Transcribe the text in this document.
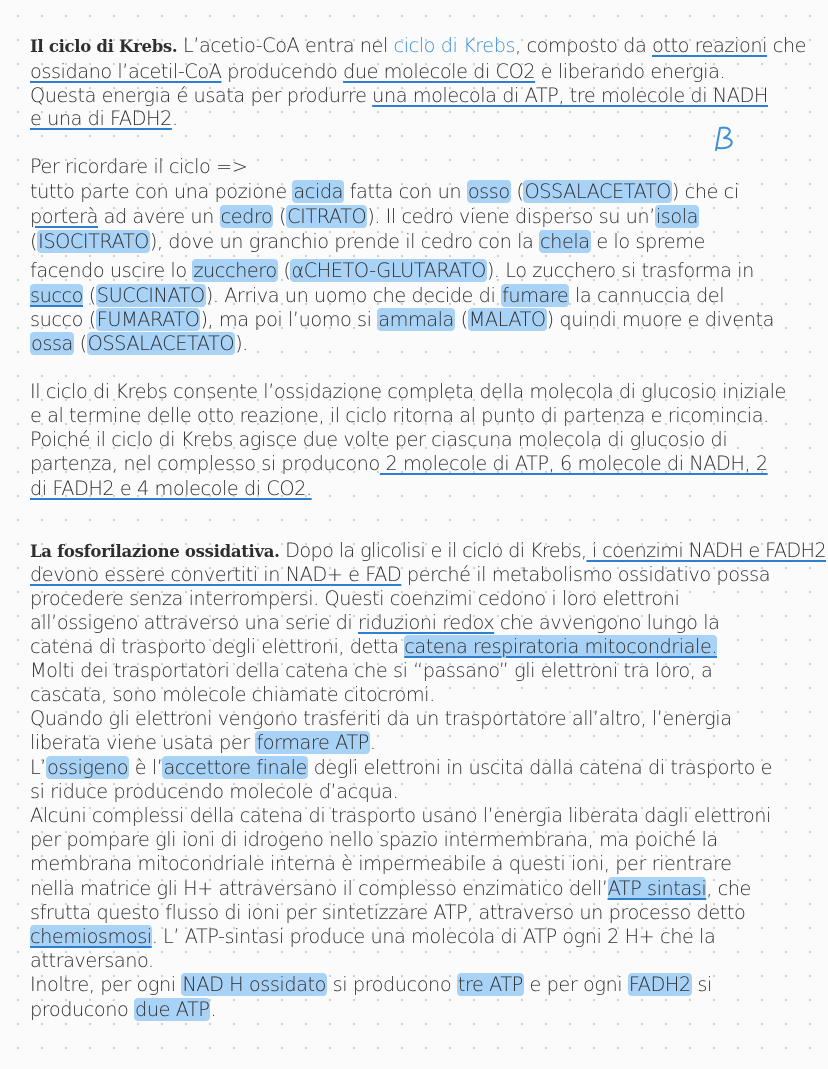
Il ciclo di Krebs. L’acetio-CoA entra nel ciclo di Krebs, composto da otto reazioni che
ossidano l’acetil-CoA producendo due molecole di CO2 e liberando energia.
Questa energia é usata per produrre una molecola di ATP, tre molecole di NADH
e una di FADH2.
Per ricordare il ciclo =>
tutto parte con una pozione acida fatta con un osso (OSSALACETATO) che ci
porterà ad avere un cedro (CITRATO). Il cedro viene disperso su un’isola
(ISOCITRATO), dove un granchio prende il cedro con la chela e lo spreme
facendo uscire lo zucchero (αCHETO-GLUTARATO). Lo zucchero si trasforma in
succo (SUCCINATO). Arriva un uomo che decide di fumare la cannuccia del
succo (FUMARATO), ma poi l’uomo si ammala (MALATO) quindi muore e diventa
ossa (OSSALACETATO).
Il ciclo di Krebs consente l’ossidazione completa della molecola di glucosio iniziale
e al termine delle otto reazione, il ciclo ritorna al punto di partenza e ricomincia.
Poiché il ciclo di Krebs agisce due volte per ciascuna molecola di glucosio di
partenza, nel complesso si producono 2 molecole di ATP, 6 molecole di NADH, 2
di FADH2 e 4 molecole di CO2.
La fosforilazione ossidativa. Dopo la glicolisi e il ciclo di Krebs, i coenzimi NADH e FADH2
devono essere convertiti in NAD+ e FAD perché il metabolismo ossidativo possa
procedere senza interrompersi. Questi coenzimi cedono i loro elettroni
all’ossigeno attraverso una serie di riduzioni redox che avvengono lungo la
catena di trasporto degli elettroni, detta catena respiratoria mitocondriale.
Molti dei trasportatori della catena che si “passano” gli elettroni tra loro, a
cascata, sono molecole chiamate citocromi.
Quando gli elettroni vengono trasferiti da un trasportatore all’altro, l’energia
liberata viene usata per formare ATP.
L’ossigeno è l’accettore finale degli elettroni in uscita dalla catena di trasporto e
si riduce producendo molecole d’acqua.
Alcuni complessi della catena di trasporto usano l’energia liberata dagli elettroni
per pompare gli ioni di idrogeno nello spazio intermembrana, ma poiché la
membrana mitocondriale interna è impermeabile a questi ioni, per rientrare
nella matrice gli H+ attraversano il complesso enzimatico dell’ATP sintasi, che
sfrutta questo flusso di ioni per sintetizzare ATP, attraverso un processo detto
chemiosmosi. L’ ATP-sintasi produce una molecola di ATP ogni 2 H+ che la
attraversano.
Inoltre, per ogni NAD H ossidato si producono tre ATP e per ogni FADH2 si
producono due ATP.
